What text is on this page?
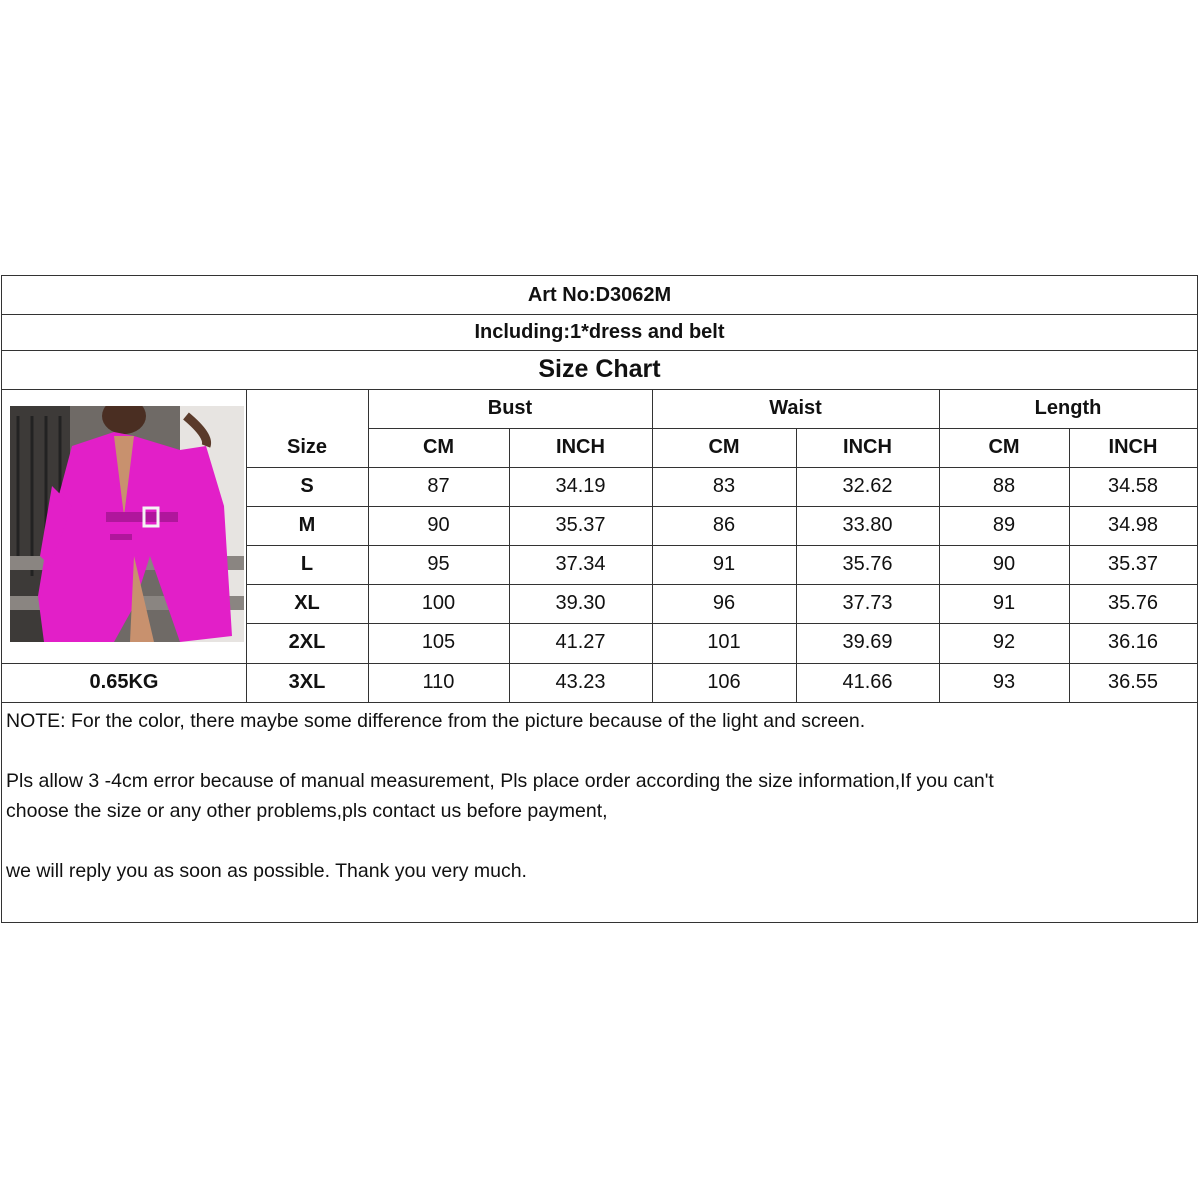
Art No:D3062M
Including:1*dress and belt
Size Chart
Bust	Waist	Length
Size	CM	INCH	CM	INCH	CM	INCH
S	87	34.19	83	32.62	88	34.58
M	90	35.37	86	33.80	89	34.98
L	95	37.34	91	35.76	90	35.37
XL	100	39.30	96	37.73	91	35.76
2XL	105	41.27	101	39.69	92	36.16
3XL	110	43.23	106	41.66	93	36.55
0.65KG

NOTE: For the color, there maybe some difference from the picture because of the light and screen.

Pls allow 3 -4cm error because of manual measurement, Pls place order according the size information,If you can't

choose the size or any other problems,pls contact us before payment,

we will reply you as soon as possible. Thank you very much.
